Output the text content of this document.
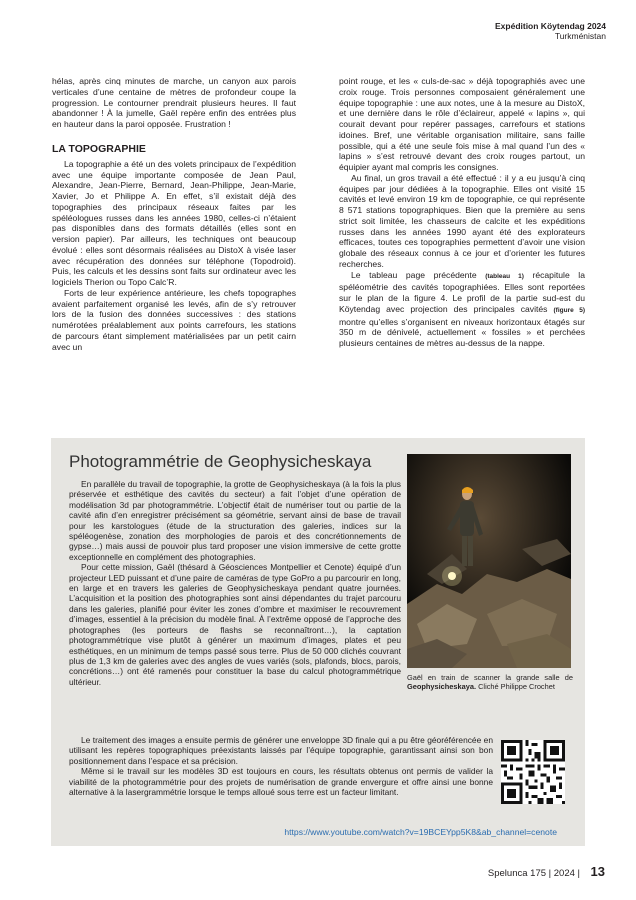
Expédition Köytendag 2024
Turkménistan

hélas, après cinq minutes de marche, un canyon aux parois verticales d’une centaine de mètres de profondeur coupe la progression. Le contourner prendrait plusieurs heures. Il faut abandonner ! À la jumelle, Gaël repère enfin des entrées plus en hauteur dans la paroi opposée. Frustration !

LA TOPOGRAPHIE

La topographie a été un des volets principaux de l’expédition avec une équipe importante composée de Jean Paul, Alexandre, Jean-Pierre, Bernard, Jean-Philippe, Jean-Marie, Xavier, Jo et Philippe A. En effet, s’il existait déjà des topographies des principaux réseaux faites par les spéléologues russes dans les années 1980, celles-ci n’étaient pas disponibles dans des formats détaillés (elles sont en version papier). Par ailleurs, les techniques ont beaucoup évolué : elles sont désormais réalisées au DistoX à visée laser avec récupération des données sur téléphone (Topodroid). Puis, les calculs et les dessins sont faits sur ordinateur avec les logiciels Therion ou Topo Calc’R.

Forts de leur expérience antérieure, les chefs topographes avaient parfaitement organisé les levés, afin de s’y retrouver lors de la fusion des données successives : des stations numérotées préalablement aux points carrefours, les stations de parcours étant simplement matérialisées par un petit cairn avec un

point rouge, et les « culs-de-sac » déjà topographiés avec une croix rouge. Trois personnes composaient généralement une équipe topographie : une aux notes, une à la mesure au DistoX, et une dernière dans le rôle d’éclaireur, appelé « lapins », qui courait devant pour repérer passages, carrefours et stations idoines. Bref, une véritable organisation militaire, sans faille possible, qui a été une seule fois mise à mal quand l’un des « lapins » s’est retrouvé devant des croix rouges partout, un équipier ayant mal compris les consignes.

Au final, un gros travail a été effectué : il y a eu jusqu’à cinq équipes par jour dédiées à la topographie. Elles ont visité 15 cavités et levé environ 19 km de topographie, ce qui représente 8 571 stations topographiques. Bien que la première au sens strict soit limitée, les chasseurs de calcite et les expéditions russes dans les années 1990 ayant été des explorateurs efficaces, toutes ces topographies permettent d’avoir une vision globale des réseaux connus à ce jour et d’orienter les futures recherches.

Le tableau page précédente (tableau 1) récapitule la spéléométrie des cavités topographiées. Elles sont reportées sur le plan de la figure 4. Le profil de la partie sud-est du Köytendag avec projection des principales cavités (figure 5) montre qu’elles s’organisent en niveaux horizontaux étagés sur 350 m de dénivelé, actuellement « fossiles » et perchées plusieurs centaines de mètres au-dessus de la nappe.

Photogrammétrie de Geophysicheskaya

En parallèle du travail de topographie, la grotte de Geophysicheskaya (à la fois la plus préservée et esthétique des cavités du secteur) a fait l’objet d’une opération de modélisation 3d par photogrammétrie. L’objectif était de numériser tout ou partie de la cavité afin d’en enregistrer précisément sa géométrie, servant ainsi de base de travail pour les karstologues (étude de la structuration des galeries, indices sur la spéléogenèse, zonation des morphologies de parois et des concrétionnements de gypse…) mais aussi de pouvoir plus tard proposer une vision immersive de cette grotte exceptionnelle en complément des photographies.

Pour cette mission, Gaël (thésard à Géosciences Montpellier et Cenote) équipé d’un projecteur LED puissant et d’une paire de caméras de type GoPro a pu parcourir en long, en large et en travers les galeries de Geophysicheskaya pendant quatre journées. L’acquisition et la position des photographies sont ainsi dépendantes du trajet parcouru dans les galeries, planifié pour éviter les zones d’ombre et maximiser le recouvrement d’images, essentiel à la précision du modèle final. À l’extrême opposé de l’approche des photographes (les porteurs de flashs se reconnaîtront…), la captation photogrammétrique vise plutôt à générer un maximum d’images, plates et peu esthétiques, en un minimum de temps passé sous terre. Plus de 50 000 clichés couvrant plus de 1,3 km de galeries avec des angles de vues variés (sols, plafonds, blocs, parois, concrétions…) ont été ramenés pour constituer la base du calcul photogrammétrique ultérieur.	Gaël en train de scanner la grande salle de Geophysicheskaya. Cliché Philippe Crochet

Le traitement des images a ensuite permis de générer une enveloppe 3D finale qui a pu être géoréférencée en utilisant les repères topographiques préexistants laissés par l’équipe topographie, garantissant ainsi son bon positionnement dans l’espace et sa précision.

Même si le travail sur les modèles 3D est toujours en cours, les résultats obtenus ont permis de valider la viabilité de la photogrammétrie pour des projets de numérisation de grande envergure et offre ainsi une bonne alternative à la lasergrammétrie lorsque le temps alloué sous terre est un facteur limitant.

https://www.youtube.com/watch?v=19BCEYpp5K8&ab_channel=cenote
Spelunca 175 | 2024 | 13
